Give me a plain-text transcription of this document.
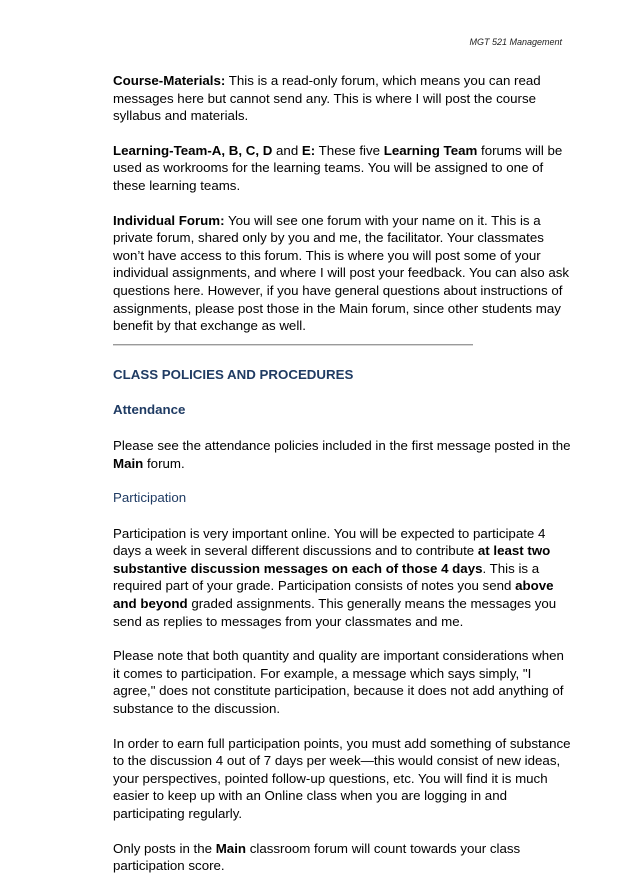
MGT 521 Management

Course-Materials: This is a read-only forum, which means you can read messages here but cannot send any. This is where I will post the course syllabus and materials.

Learning-Team-A, B, C, D and E: These five Learning Team forums will be used as workrooms for the learning teams. You will be assigned to one of these learning teams.

Individual Forum: You will see one forum with your name on it. This is a private forum, shared only by you and me, the facilitator. Your classmates won’t have access to this forum. This is where you will post some of your individual assignments, and where I will post your feedback. You can also ask questions here. However, if you have general questions about instructions of assignments, please post those in the Main forum, since other students may benefit by that exchange as well.

CLASS POLICIES AND PROCEDURES
Attendance

Please see the attendance policies included in the first message posted in the Main forum.

Participation

Participation is very important online. You will be expected to participate 4 days a week in several different discussions and to contribute at least two substantive discussion messages on each of those 4 days. This is a required part of your grade. Participation consists of notes you send above and beyond graded assignments. This generally means the messages you send as replies to messages from your classmates and me.

Please note that both quantity and quality are important considerations when it comes to participation. For example, a message which says simply, "I agree," does not constitute participation, because it does not add anything of substance to the discussion.

In order to earn full participation points, you must add something of substance to the discussion 4 out of 7 days per week—this would consist of new ideas, your perspectives, pointed follow-up questions, etc. You will find it is much easier to keep up with an Online class when you are logging in and participating regularly.

Only posts in the Main classroom forum will count towards your class participation score.
